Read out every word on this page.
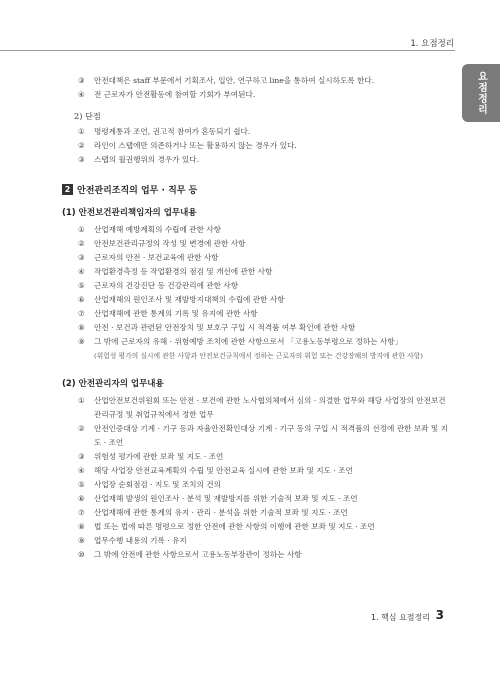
1. 요점정리
요점정리

③ 안전대책은 staff 부문에서 기획조사, 입안, 연구하고 line을 통하여 실시하도록 한다.

④ 전 근로자가 안전활동에 참여할 기회가 부여된다.

2) 단점

① 명령계통과 조언, 권고적 참여가 혼동되기 쉽다.

② 라인이 스탭에만 의존하거나 또는 활용하지 않는 경우가 있다.

③ 스탭의 월권행위의 경우가 있다.

2 안전관리조직의 업무 · 직무 등
(1) 안전보건관리책임자의 업무내용

① 산업재해 예방계획의 수립에 관한 사항

② 안전보건관리규정의 작성 및 변경에 관한 사항

③ 근로자의 안전 · 보건교육에 관한 사항

④ 작업환경측정 등 작업환경의 점검 및 개선에 관한 사항

⑤ 근로자의 건강진단 등 건강관리에 관한 사항

⑥ 산업재해의 원인조사 및 재발방지대책의 수립에 관한 사항

⑦ 산업재해에 관한 통계의 기록 및 유지에 관한 사항

⑧ 안전 · 보건과 관련된 안전장치 및 보호구 구입 시 적격품 여부 확인에 관한 사항

⑨ 그 밖에 근로자의 유해 · 위험예방 조치에 관한 사항으로서 「고용노동부령으로 정하는 사항」

(위험성 평가의 실시에 관한 사항과 안전보건규칙에서 정하는 근로자의 위험 또는 건강장해의 방지에 관한 사항)

(2) 안전관리자의 업무내용

① 산업안전보건위원회 또는 안전 · 보건에 관한 노사협의체에서 심의 · 의결한 업무와 해당 사업장의 안전보건관리규정 및 취업규칙에서 정한 업무

② 안전인증대상 기계 · 기구 등과 자율안전확인대상 기계 · 기구 등의 구입 시 적격품의 선정에 관한 보좌 및 지도 · 조언

③ 위험성 평가에 관한 보좌 및 지도 · 조언

④ 해당 사업장 안전교육계획의 수립 및 안전교육 실시에 관한 보좌 및 지도 · 조언

⑤ 사업장 순회점검 · 지도 및 조치의 건의

⑥ 산업재해 발생의 원인조사 · 분석 및 재발방지를 위한 기술적 보좌 및 지도 · 조언

⑦ 산업재해에 관한 통계의 유지 · 관리 · 분석을 위한 기술적 보좌 및 지도 · 조언

⑧ 법 또는 법에 따른 명령으로 정한 안전에 관한 사항의 이행에 관한 보좌 및 지도 · 조언

⑨ 업무수행 내용의 기록 · 유지

⑩ 그 밖에 안전에 관한 사항으로서 고용노동부장관이 정하는 사항

1. 핵심 요점정리 3
